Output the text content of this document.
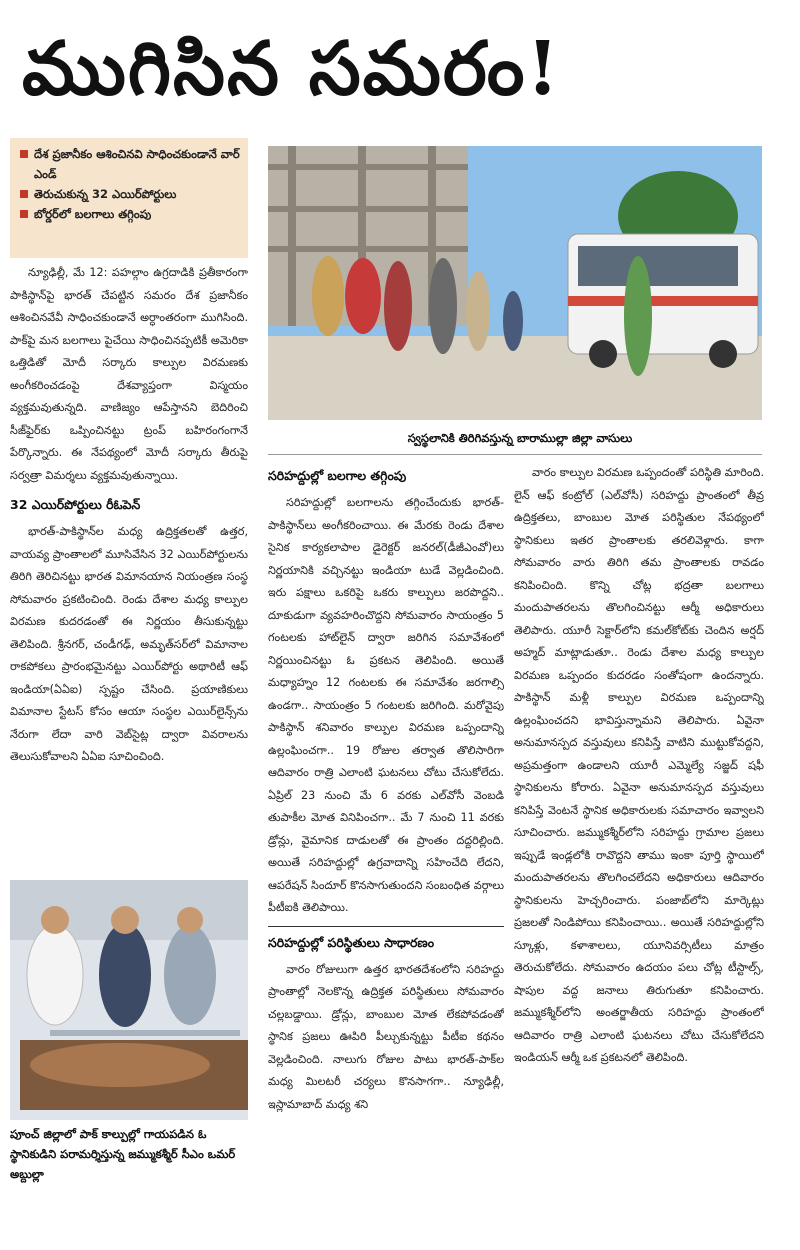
ముగిసిన సమరం!
దేశ ప్రజానీకం ఆశించినవి సాధించకుండానే వార్ ఎండ్
తెరుచుకున్న 32 ఎయిర్‌పోర్టులు
బోర్డర్‌లో బలగాలు తగ్గింపు

న్యూఢిల్లీ, మే 12: పహల్గాం ఉగ్రదాడికి ప్రతీకారంగా పాకిస్థాన్‌పై భారత్ చేపట్టిన సమరం దేశ ప్రజానీకం ఆశించినవేవీ సాధించకుండానే అర్ధాంతరంగా ముగిసింది. పాక్‌పై మన బలగాలు పైచేయి సాధించినప్పటికీ అమెరికా ఒత్తిడితో మోదీ సర్కారు కాల్పుల విరమణకు అంగీకరించడంపై దేశవ్యాప్తంగా విస్మయం వ్యక్తమవుతున్నది. వాణిజ్యం ఆపేస్తానని బెదిరించి సీజ్‌ఫైర్‌కు ఒప్పించినట్టు ట్రంప్ బహిరంగంగానే పేర్కొన్నారు. ఈ నేపథ్యంలో మోదీ సర్కారు తీరుపై సర్వత్రా విమర్శలు వ్యక్తమవుతున్నాయి.

32 ఎయిర్‌పోర్టులు రీఓపెన్

భారత్-పాకిస్థాన్‌ల మధ్య ఉద్రిక్తతలతో ఉత్తర, వాయవ్య ప్రాంతాలలో మూసివేసిన 32 ఎయిర్‌పోర్టులను తిరిగి తెరిచినట్టు భారత విమానయాన నియంత్రణ సంస్థ సోమవారం ప్రకటించింది. రెండు దేశాల మధ్య కాల్పుల విరమణ కుదరడంతో ఈ నిర్ణయం తీసుకున్నట్టు తెలిపింది. శ్రీనగర్, చండీగఢ్, అమృత్‌సర్‌లో విమానాల రాకపోకలు ప్రారంభమైనట్టు ఎయిర్‌పోర్టు అథారిటీ ఆఫ్ ఇండియా(ఏఏఐ) స్పష్టం చేసింది. ప్రయాణికులు విమానాల స్టేటస్ కోసం ఆయా సంస్థల ఎయిర్‌లైన్స్‌ను నేరుగా లేదా వారి వెబ్‌సైట్ల ద్వారా వివరాలను తెలుసుకోవాలని ఏఏఐ సూచించింది.

స్వస్థలానికి తిరిగివస్తున్న బారాముల్లా జిల్లా వాసులు
సరిహద్దుల్లో బలగాల తగ్గింపు

సరిహద్దుల్లో బలగాలను తగ్గించేందుకు భారత్-పాకిస్థాన్‌లు అంగీకరించాయి. ఈ మేరకు రెండు దేశాల సైనిక కార్యకలాపాల డైరెక్టర్ జనరల్(డీజీఎంవో)లు నిర్ణయానికి వచ్చినట్టు ఇండియా టుడే వెల్లడించింది. ఇరు పక్షాలు ఒకరిపై ఒకరు కాల్పులు జరపొద్దని.. దూకుడుగా వ్యవహరించొద్దని సోమవారం సాయంత్రం 5 గంటలకు హాట్‌లైన్ ద్వారా జరిగిన సమావేశంలో నిర్ణయించినట్టు ఓ ప్రకటన తెలిపింది. అయితే మధ్యాహ్నం 12 గంటలకు ఈ సమావేశం జరగాల్సి ఉండగా.. సాయంత్రం 5 గంటలకు జరిగింది. మరోవైపు పాకిస్థాన్ శనివారం కాల్పుల విరమణ ఒప్పందాన్ని ఉల్లంఘించగా.. 19 రోజుల తర్వాత తొలిసారిగా ఆదివారం రాత్రి ఎలాంటి ఘటనలు చోటు చేసుకోలేదు. ఏప్రిల్ 23 నుంచి మే 6 వరకు ఎల్‌వోసీ వెంబడి తుపాకీల మోత వినిపించగా.. మే 7 నుంచి 11 వరకు డ్రోన్లు, వైమానిక దాడులతో ఈ ప్రాంతం దద్దరిల్లింది. అయితే సరిహద్దుల్లో ఉగ్రవాదాన్ని సహించేది లేదని, ఆపరేషన్ సిందూర్ కొనసాగుతుందని సంబంధిత వర్గాలు పీటీఐకి తెలిపాయి.

సరిహద్దుల్లో పరిస్థితులు సాధారణం

వారం రోజులుగా ఉత్తర భారతదేశంలోని సరిహద్దు ప్రాంతాల్లో నెలకొన్న ఉద్రిక్తత పరిస్థితులు సోమవారం చల్లబడ్డాయి. డ్రోన్లు, బాంబుల మోత లేకపోవడంతో స్థానిక ప్రజలు ఊపిరి పీల్చుకున్నట్టు పీటీఐ కథనం వెల్లడించింది. నాలుగు రోజుల పాటు భారత్-పాక్‌ల మధ్య మిలటరీ చర్యలు కొనసాగగా.. న్యూఢిల్లీ, ఇస్లామాబాద్ మధ్య శని

వారం కాల్పుల విరమణ ఒప్పందంతో పరిస్థితి మారింది. లైన్ ఆఫ్ కంట్రోల్ (ఎల్‌వోసీ) సరిహద్దు ప్రాంతంలో తీవ్ర ఉద్రిక్తతలు, బాంబుల మోత పరిస్థితుల నేపథ్యంలో స్థానికులు ఇతర ప్రాంతాలకు తరలివెళ్లారు. కాగా సోమవారం వారు తిరిగి తమ ప్రాంతాలకు రావడం కనిపించింది. కొన్ని చోట్ల భద్రతా బలగాలు మందుపాతరలను తొలగించినట్టు ఆర్మీ అధికారులు తెలిపారు. యూరీ సెక్టార్‌లోని కమల్‌కోట్‌కు చెందిన అర్షద్ అహ్మద్ మాట్లాడుతూ.. రెండు దేశాల మధ్య కాల్పుల విరమణ ఒప్పందం కుదరడం సంతోషంగా ఉందన్నారు. పాకిస్థాన్ మళ్లీ కాల్పుల విరమణ ఒప్పందాన్ని ఉల్లంఘించదని భావిస్తున్నామని తెలిపారు. ఏవైనా అనుమానస్పద వస్తువులు కనిపిస్తే వాటిని ముట్టుకోవద్దని, అప్రమత్తంగా ఉండాలని యూరీ ఎమ్మెల్యే సజ్జద్ షఫీ స్థానికులను కోరారు. ఏవైనా అనుమానస్పద వస్తువులు కనిపిస్తే వెంటనే స్థానిక అధికారులకు సమాచారం ఇవ్వాలని సూచించారు. జమ్ముకశ్మీర్‌లోని సరిహద్దు గ్రామాల ప్రజలు ఇప్పుడే ఇండ్లలోకి రావొద్దని తాము ఇంకా పూర్తి స్థాయిలో మందుపాతరలను తొలగించలేదని అధికారులు ఆదివారం స్థానికులను హెచ్చరించారు. పంజాబ్‌లోని మార్కెట్లు ప్రజలతో నిండిపోయి కనిపించాయి.. అయితే సరిహద్దుల్లోని స్కూళ్లు, కళాశాలలు, యూనివర్సిటీలు మాత్రం తెరుచుకోలేదు. సోమవారం ఉదయం పలు చోట్ల టీస్టాల్స్, షాపుల వద్ద జనాలు తిరుగుతూ కనిపించారు. జమ్ముకశ్మీర్‌లోని అంతర్జాతీయ సరిహద్దు ప్రాంతంలో ఆదివారం రాత్రి ఎలాంటి ఘటనలు చోటు చేసుకోలేదని ఇండియన్ ఆర్మీ ఒక ప్రకటనలో తెలిపింది.

పూంచ్ జిల్లాలో పాక్ కాల్పుల్లో గాయపడిన ఓ స్థానికుడిని పరామర్శిస్తున్న జమ్ముకశ్మీర్ సీఎం ఒమర్ అబ్దుల్లా
